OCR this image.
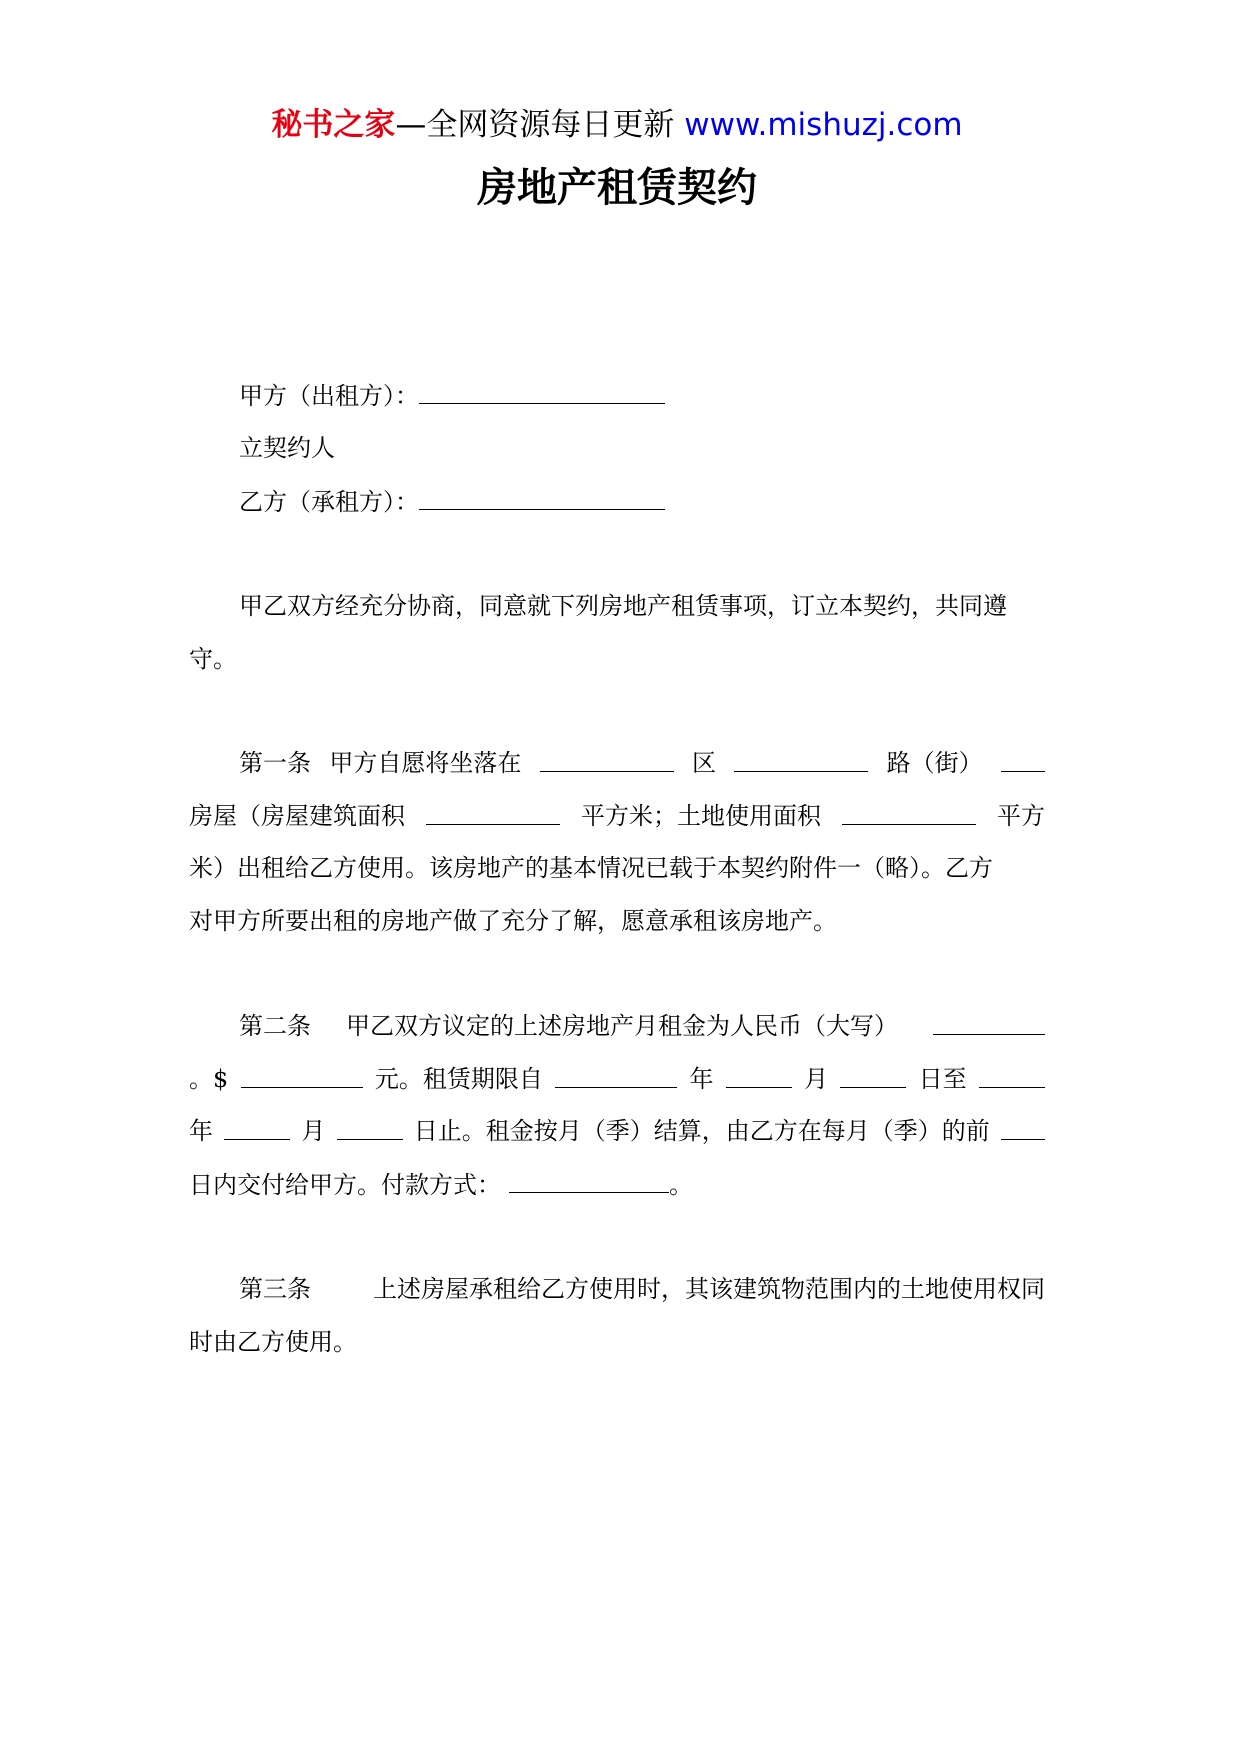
秘书之家—全网资源每日更新 www.mishuzj.com
房地产租赁契约
甲方（出租方）：
立契约人
乙方（承租方）：
甲乙双方经充分协商，同意就下列房地产租赁事项，订立本契约，共同遵
守。
第一条 甲方自愿将坐落在	区	路（街）
房屋（房屋建筑面积	平方米；土地使用面积	平方
米）出租给乙方使用。该房地产的基本情况已载于本契约附件一（略）。乙方
对甲方所要出租的房地产做了充分了解，愿意承租该房地产。
第二条 甲乙双方议定的上述房地产月租金为人民币（大写）
。$	元。租赁期限自	年	月	日至
年	月	日止。租金按月（季）结算，由乙方在每月（季）的前
日内交付给甲方。付款方式：	。
第三条	上述房屋承租给乙方使用时，其该建筑物范围内的土地使用权同
时由乙方使用。
